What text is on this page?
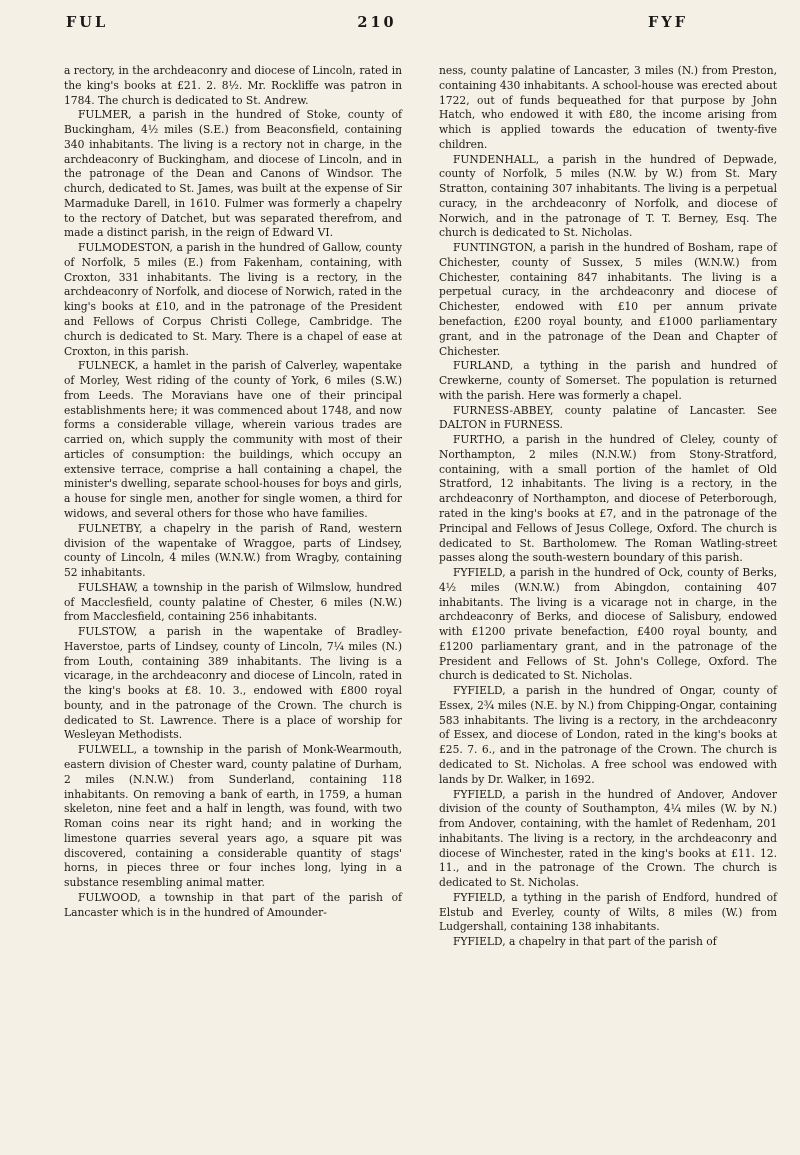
FUL	210	FYF

a rectory, in the archdeaconry and diocese of Lincoln, rated in the king's books at £21. 2. 8½. Mr. Rockliffe was patron in 1784. The church is dedicated to St. Andrew.

FULMER, a parish in the hundred of Stoke, county of Buckingham, 4½ miles (S.E.) from Beaconsfield, containing 340 inhabitants. The living is a rectory not in charge, in the archdeaconry of Buckingham, and diocese of Lincoln, and in the patronage of the Dean and Canons of Windsor. The church, dedicated to St. James, was built at the expense of Sir Marmaduke Darell, in 1610. Fulmer was formerly a chapelry to the rectory of Datchet, but was separated therefrom, and made a distinct parish, in the reign of Edward VI.

FULMODESTON, a parish in the hundred of Gallow, county of Norfolk, 5 miles (E.) from Fakenham, containing, with Croxton, 331 inhabitants. The living is a rectory, in the archdeaconry of Norfolk, and diocese of Norwich, rated in the king's books at £10, and in the patronage of the President and Fellows of Corpus Christi College, Cambridge. The church is dedicated to St. Mary. There is a chapel of ease at Croxton, in this parish.

FULNECK, a hamlet in the parish of Calverley, wapentake of Morley, West riding of the county of York, 6 miles (S.W.) from Leeds. The Moravians have one of their principal establishments here; it was commenced about 1748, and now forms a considerable village, wherein various trades are carried on, which supply the community with most of their articles of consumption: the buildings, which occupy an extensive terrace, comprise a hall containing a chapel, the minister's dwelling, separate school-houses for boys and girls, a house for single men, another for single women, a third for widows, and several others for those who have families.

FULNETBY, a chapelry in the parish of Rand, western division of the wapentake of Wraggoe, parts of Lindsey, county of Lincoln, 4 miles (W.N.W.) from Wragby, containing 52 inhabitants.

FULSHAW, a township in the parish of Wilmslow, hundred of Macclesfield, county palatine of Chester, 6 miles (N.W.) from Macclesfield, containing 256 inhabitants.

FULSTOW, a parish in the wapentake of Bradley-Haverstoe, parts of Lindsey, county of Lincoln, 7¼ miles (N.) from Louth, containing 389 inhabitants. The living is a vicarage, in the archdeaconry and diocese of Lincoln, rated in the king's books at £8. 10. 3., endowed with £800 royal bounty, and in the patronage of the Crown. The church is dedicated to St. Lawrence. There is a place of worship for Wesleyan Methodists.

FULWELL, a township in the parish of Monk-Wearmouth, eastern division of Chester ward, county palatine of Durham, 2 miles (N.N.W.) from Sunderland, containing 118 inhabitants. On removing a bank of earth, in 1759, a human skeleton, nine feet and a half in length, was found, with two Roman coins near its right hand; and in working the limestone quarries several years ago, a square pit was discovered, containing a considerable quantity of stags' horns, in pieces three or four inches long, lying in a substance resembling animal matter.

FULWOOD, a township in that part of the parish of Lancaster which is in the hundred of Amounder-

ness, county palatine of Lancaster, 3 miles (N.) from Preston, containing 430 inhabitants. A school-house was erected about 1722, out of funds bequeathed for that purpose by John Hatch, who endowed it with £80, the income arising from which is applied towards the education of twenty-five children.

FUNDENHALL, a parish in the hundred of Depwade, county of Norfolk, 5 miles (N.W. by W.) from St. Mary Stratton, containing 307 inhabitants. The living is a perpetual curacy, in the archdeaconry of Norfolk, and diocese of Norwich, and in the patronage of T. T. Berney, Esq. The church is dedicated to St. Nicholas.

FUNTINGTON, a parish in the hundred of Bosham, rape of Chichester, county of Sussex, 5 miles (W.N.W.) from Chichester, containing 847 inhabitants. The living is a perpetual curacy, in the archdeaconry and diocese of Chichester, endowed with £10 per annum private benefaction, £200 royal bounty, and £1000 parliamentary grant, and in the patronage of the Dean and Chapter of Chichester.

FURLAND, a tything in the parish and hundred of Crewkerne, county of Somerset. The population is returned with the parish. Here was formerly a chapel.

FURNESS-ABBEY, county palatine of Lancaster. See DALTON in FURNESS.

FURTHO, a parish in the hundred of Cleley, county of Northampton, 2 miles (N.N.W.) from Stony-Stratford, containing, with a small portion of the hamlet of Old Stratford, 12 inhabitants. The living is a rectory, in the archdeaconry of Northampton, and diocese of Peterborough, rated in the king's books at £7, and in the patronage of the Principal and Fellows of Jesus College, Oxford. The church is dedicated to St. Bartholomew. The Roman Watling-street passes along the south-western boundary of this parish.

FYFIELD, a parish in the hundred of Ock, county of Berks, 4½ miles (W.N.W.) from Abingdon, containing 407 inhabitants. The living is a vicarage not in charge, in the archdeaconry of Berks, and diocese of Salisbury, endowed with £1200 private benefaction, £400 royal bounty, and £1200 parliamentary grant, and in the patronage of the President and Fellows of St. John's College, Oxford. The church is dedicated to St. Nicholas.

FYFIELD, a parish in the hundred of Ongar, county of Essex, 2¾ miles (N.E. by N.) from Chipping-Ongar, containing 583 inhabitants. The living is a rectory, in the archdeaconry of Essex, and diocese of London, rated in the king's books at £25. 7. 6., and in the patronage of the Crown. The church is dedicated to St. Nicholas. A free school was endowed with lands by Dr. Walker, in 1692.

FYFIELD, a parish in the hundred of Andover, Andover division of the county of Southampton, 4¼ miles (W. by N.) from Andover, containing, with the hamlet of Redenham, 201 inhabitants. The living is a rectory, in the archdeaconry and diocese of Winchester, rated in the king's books at £11. 12. 11., and in the patronage of the Crown. The church is dedicated to St. Nicholas.

FYFIELD, a tything in the parish of Endford, hundred of Elstub and Everley, county of Wilts, 8 miles (W.) from Ludgershall, containing 138 inhabitants.

FYFIELD, a chapelry in that part of the parish of
